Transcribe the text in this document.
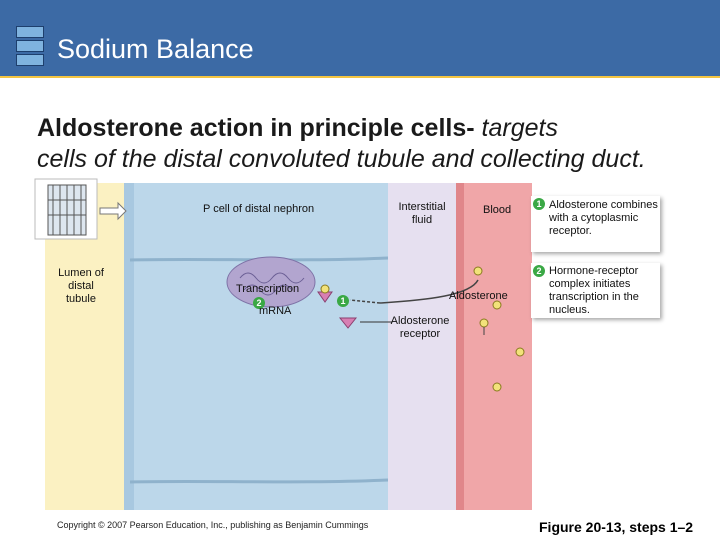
Sodium Balance
Aldosterone action in principle cells- targets
cells of the distal convoluted tubule and collecting duct.
Lumen of distal tubule
P cell of distal nephron	Interstitial fluid
Blood
Transcription
2
mRNA
1	Aldosterone
Aldosterone receptor
1 Aldosterone combines with a cytoplasmic receptor.
2 Hormone-receptor complex initiates transcription in the nucleus.
Copyright © 2007 Pearson Education, Inc., publishing as Benjamin Cummings	Figure 20-13, steps 1–2
